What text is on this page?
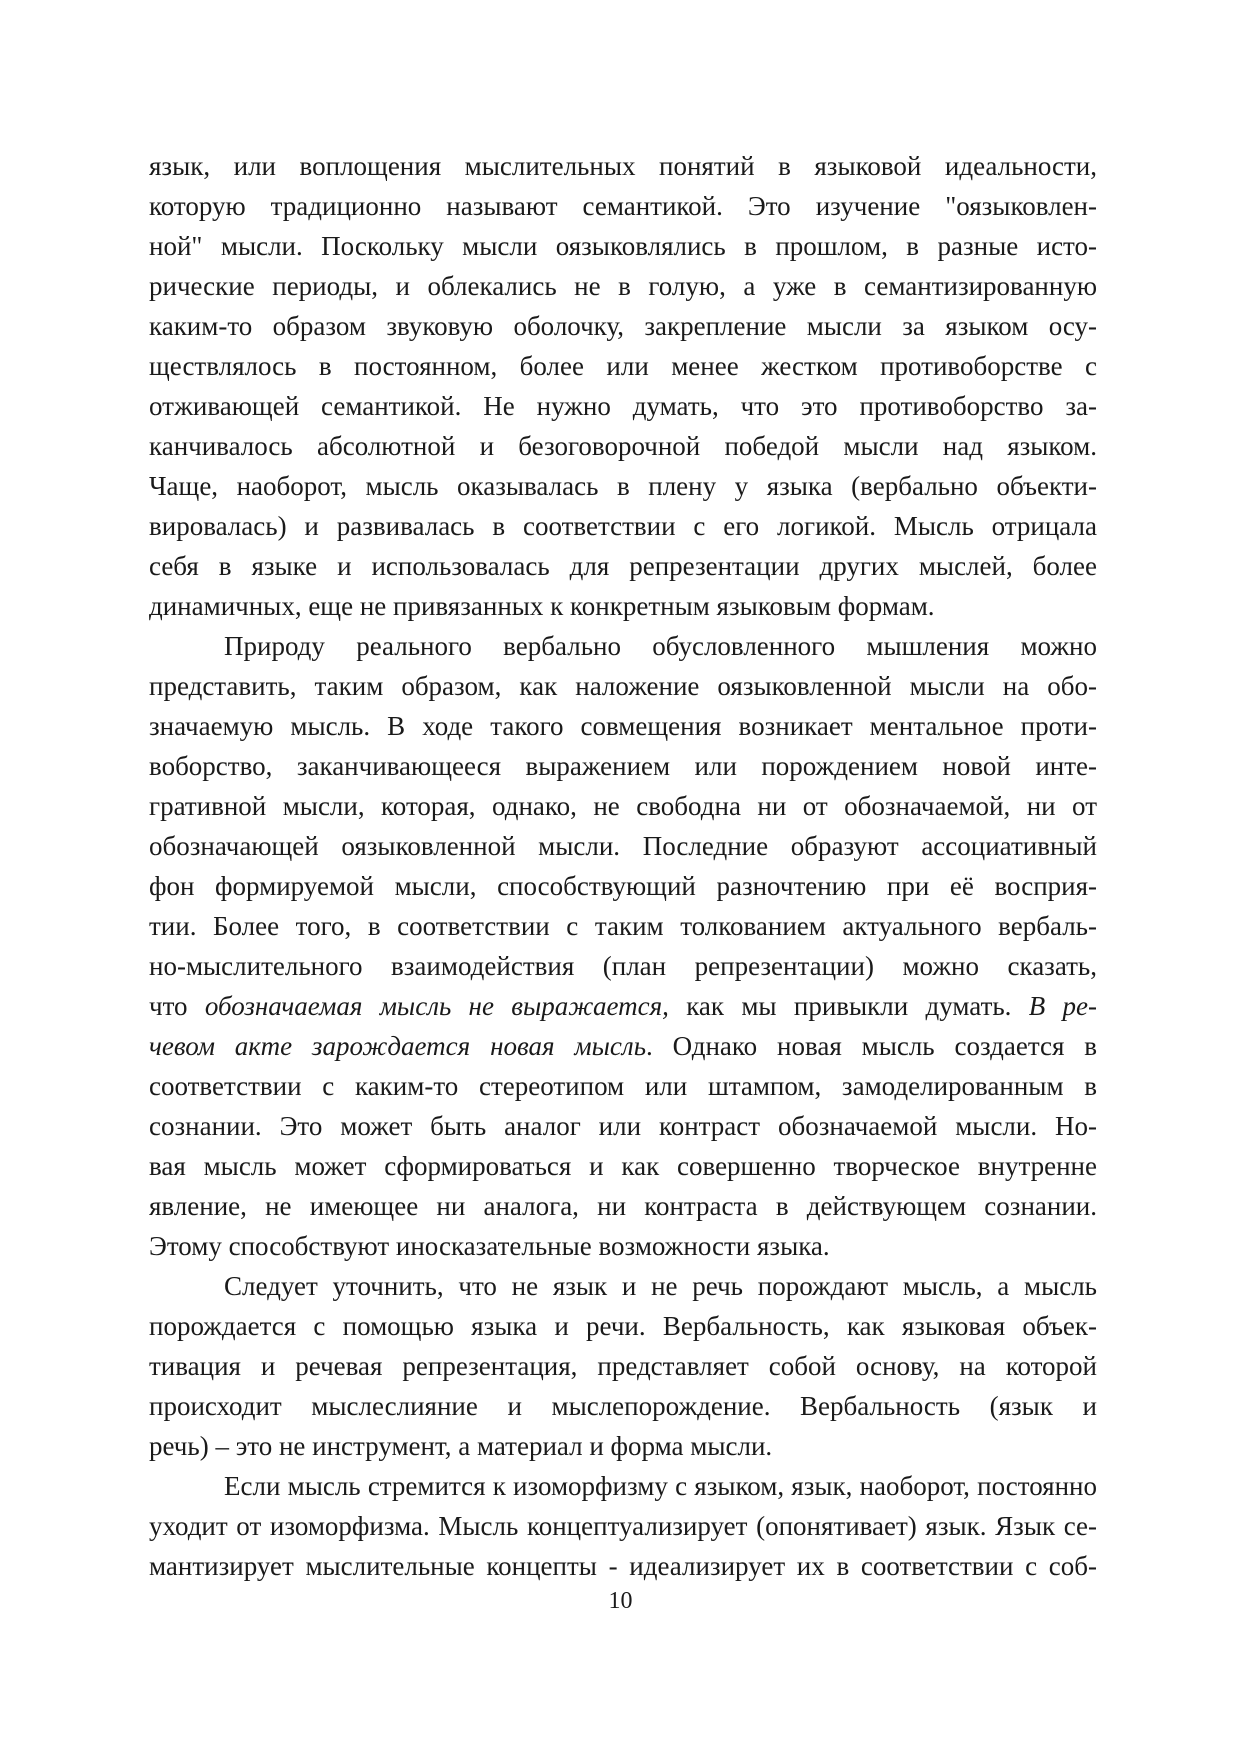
язык, или воплощения мыслительных понятий в языковой идеальности,
которую традиционно называют семантикой. Это изучение "оязыковлен-
ной" мысли. Поскольку мысли оязыковлялись в прошлом, в разные исто-
рические периоды, и облекались не в голую, а уже в семантизированную
каким-то образом звуковую оболочку, закрепление мысли за языком осу-
ществлялось в постоянном, более или менее жестком противоборстве с
отживающей семантикой. Не нужно думать, что это противоборство за-
канчивалось абсолютной и безоговорочной победой мысли над языком.
Чаще, наоборот, мысль оказывалась в плену у языка (вербально объекти-
вировалась) и развивалась в соответствии с его логикой. Мысль отрицала
себя в языке и использовалась для репрезентации других мыслей, более
динамичных, еще не привязанных к конкретным языковым формам.
Природу реального вербально обусловленного мышления можно
представить, таким образом, как наложение оязыковленной мысли на обо-
значаемую мысль. В ходе такого совмещения возникает ментальное проти-
воборство, заканчивающееся выражением или порождением новой инте-
гративной мысли, которая, однако, не свободна ни от обозначаемой, ни от
обозначающей оязыковленной мысли. Последние образуют ассоциативный
фон формируемой мысли, способствующий разночтению при её восприя-
тии. Более того, в соответствии с таким толкованием актуального вербаль-
но-мыслительного взаимодействия (план репрезентации) можно сказать,
что обозначаемая мысль не выражается, как мы привыкли думать. В ре-
чевом акте зарождается новая мысль. Однако новая мысль создается в
соответствии с каким-то стереотипом или штампом, замоделированным в
сознании. Это может быть аналог или контраст обозначаемой мысли. Но-
вая мысль может сформироваться и как совершенно творческое внутренне
явление, не имеющее ни аналога, ни контраста в действующем сознании.
Этому способствуют иносказательные возможности языка.
Следует уточнить, что не язык и не речь порождают мысль, а мысль
порождается с помощью языка и речи. Вербальность, как языковая объек-
тивация и речевая репрезентация, представляет собой основу, на которой
происходит мыслеслияние и мыслепорождение. Вербальность (язык и
речь) – это не инструмент, а материал и форма мысли.
Если мысль стремится к изоморфизму с языком, язык, наоборот, постоянно
уходит от изоморфизма. Мысль концептуализирует (опонятивает) язык. Язык се-
мантизирует мыслительные концепты - идеализирует их в соответствии с соб-
10
